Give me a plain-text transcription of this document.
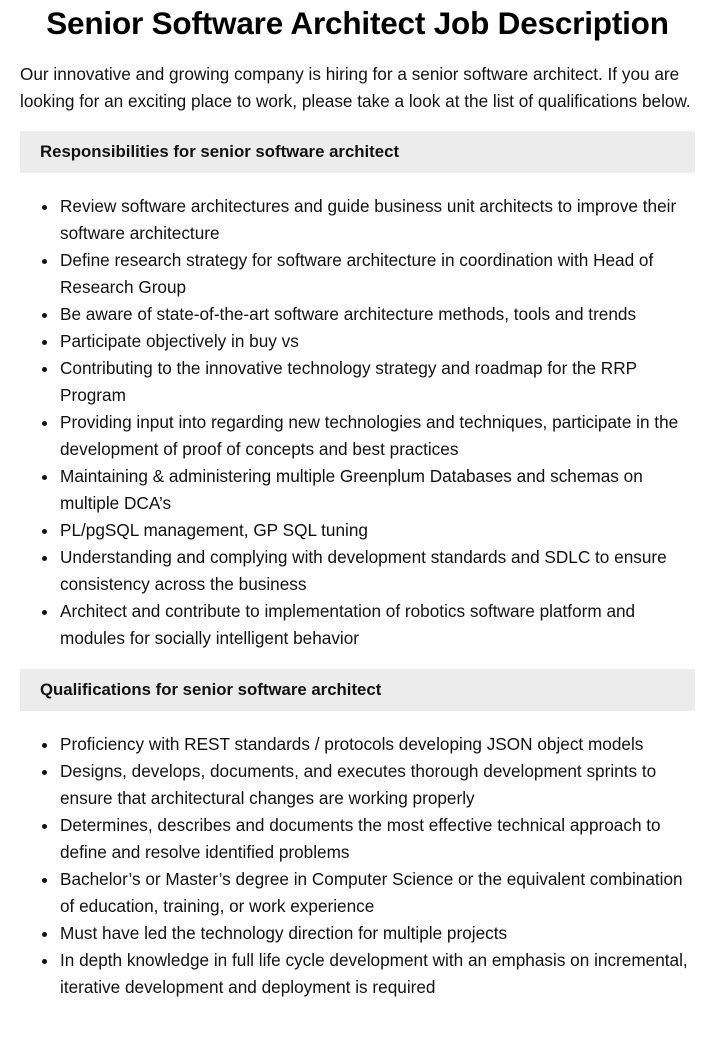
Senior Software Architect Job Description

Our innovative and growing company is hiring for a senior software architect. If you are looking for an exciting place to work, please take a look at the list of qualifications below.

Responsibilities for senior software architect
Review software architectures and guide business unit architects to improve their software architecture
Define research strategy for software architecture in coordination with Head of Research Group
Be aware of state-of-the-art software architecture methods, tools and trends
Participate objectively in buy vs
Contributing to the innovative technology strategy and roadmap for the RRP Program
Providing input into regarding new technologies and techniques, participate in the development of proof of concepts and best practices
Maintaining & administering multiple Greenplum Databases and schemas on multiple DCA’s
PL/pgSQL management, GP SQL tuning
Understanding and complying with development standards and SDLC to ensure consistency across the business
Architect and contribute to implementation of robotics software platform and modules for socially intelligent behavior
Qualifications for senior software architect
Proficiency with REST standards / protocols developing JSON object models
Designs, develops, documents, and executes thorough development sprints to ensure that architectural changes are working properly
Determines, describes and documents the most effective technical approach to define and resolve identified problems
Bachelor’s or Master’s degree in Computer Science or the equivalent combination of education, training, or work experience
Must have led the technology direction for multiple projects
In depth knowledge in full life cycle development with an emphasis on incremental, iterative development and deployment is required
